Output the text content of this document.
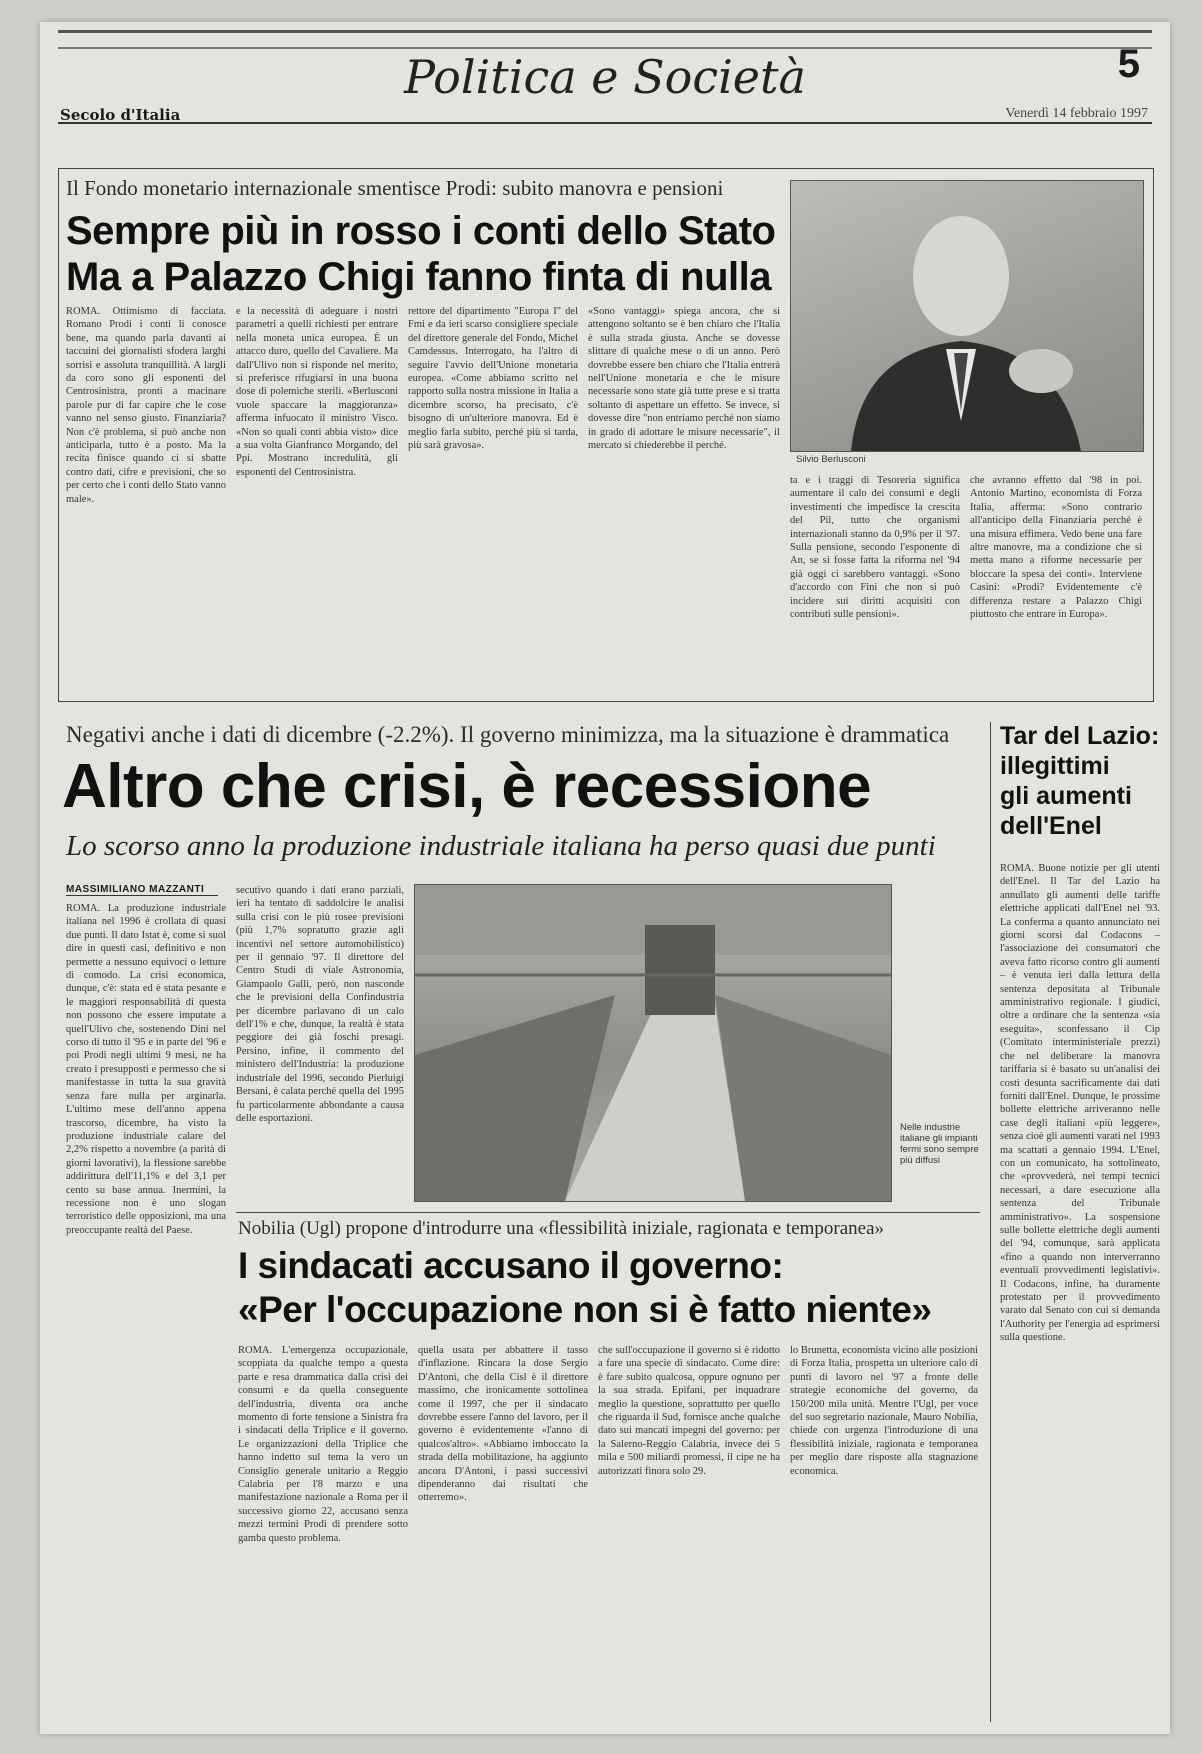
Politica e Società	5
Secolo d'Italia	Venerdì 14 febbraio 1997
Il Fondo monetario internazionale smentisce Prodi: subito manovra e pensioni
Sempre più in rosso i conti dello Stato
Ma a Palazzo Chigi fanno finta di nulla
Silvio Berlusconi
ROMA. Ottimismo di facciata. Romano Prodi i conti li conosce bene, ma quando parla davanti ai taccuini dei giornalisti sfodera larghi sorrisi e assoluta tranquillità. A largli da coro sono gli esponenti del Centrosinistra, pronti a macinare parole pur di far capire che le cose vanno nel senso giusto. Finanziaria? Non c'è problema, si può anche non anticiparla, tutto è a posto. Ma la recita finisce quando ci si sbatte contro dati, cifre e previsioni, che so per certo che i conti dello Stato vanno male».
e la necessità di adeguare i nostri parametri a quelli richiesti per entrare nella moneta unica europea. È un attacco duro, quello del Cavaliere. Ma dall'Ulivo non si risponde nel merito, si preferisce rifugiarsi in una buona dose di polemiche sterili. «Berlusconi vuole spaccare la maggioranza» afferma infuocato il ministro Visco. «Non so quali conti abbia visto» dice a sua volta Gianfranco Morgando, del Ppi. Mostrano incredulità, gli esponenti del Centrosinistra.
rettore del dipartimento "Europa I" del Fmi e da ieri scarso consigliere speciale del direttore generale del Fondo, Michel Camdessus. Interrogato, ha l'altro di seguire l'avvio dell'Unione monetaria europea. «Come abbiamo scritto nel rapporto sulla nostra missione in Italia a dicembre scorso, ha precisato, c'è bisogno di un'ulteriore manovra. Ed è meglio farla subito, perché più si tarda, più sarà gravosa».
«Sono vantaggi» spiega ancora, che si attengono soltanto se è ben chiaro che l'Italia è sulla strada giusta. Anche se dovesse slittare di qualche mese o di un anno. Però dovrebbe essere ben chiaro che l'Italia entrerà nell'Unione monetaria e che le misure necessarie sono state già tutte prese e si tratta soltanto di aspettare un effetto. Se invece, si dovesse dire "non entriamo perché non siamo in grado di adottare le misure necessarie", il mercato si chiederebbe il perché.
ta e i traggi di Tesoreria significa aumentare il calo dei consumi e degli investimenti che impedisce la crescita del Pil, tutto che organismi internazionali stanno da 0,9% per il '97. Sulla pensione, secondo l'esponente di An, se si fosse fatta la riforma nel '94 già oggi ci sarebbero vantaggi. «Sono d'accordo con Fini che non si può incidere sui diritti acquisiti con contributi sulle pensioni».
che avranno effetto dal '98 in poi. Antonio Martino, economista di Forza Italia, afferma: «Sono contrario all'anticipo della Finanziaria perché è una misura effimera. Vedo bene una fare altre manovre, ma a condizione che si metta mano a riforme necessarie per bloccare la spesa dei conti». Interviene Casini: «Prodi? Evidentemente c'è differenza restare a Palazzo Chigi piuttosto che entrare in Europa».
Negativi anche i dati di dicembre (-2.2%). Il governo minimizza, ma la situazione è drammatica
Altro che crisi, è recessione
Lo scorso anno la produzione industriale italiana ha perso quasi due punti
MASSIMILIANO MAZZANTI
ROMA. La produzione industriale italiana nel 1996 è crollata di quasi due punti. Il dato Istat è, come si suol dire in questi casi, definitivo e non permette a nessuno equivoci o letture di comodo. La crisi economica, dunque, c'è: stata ed è stata pesante e le maggiori responsabilità di questa non possono che essere imputate a quell'Ulivo che, sostenendo Dini nel corso di tutto il '95 e in parte del '96 e poi Prodi negli ultimi 9 mesi, ne ha creato i presupposti e permesso che si manifestasse in tutta la sua gravità senza fare nulla per arginarla. L'ultimo mese dell'anno appena trascorso, dicembre, ha visto la produzione industriale calare del 2,2% rispetto a novembre (a parità di giorni lavorativi), la flessione sarebbe addirittura dell'11,1% e del 3,1 per cento su base annua. Inermini, la recessione non è uno slogan terroristico delle opposizioni, ma una preoccupante realtà del Paese.
secutivo quando i dati erano parziali, ieri ha tentato di saddolcire le analisi sulla crisi con le più rosee previsioni (più 1,7% sopratutto grazie agli incentivi nel settore automobilistico) per il gennaio '97. Il direttore del Centro Studi di viale Astronomia, Giampaolo Galli, però, non nasconde che le previsioni della Confindustria per dicembre parlavano di un calo dell'1% e che, dunque, la realtà è stata peggiore dei già foschi presagi. Persino, infine, il commento del ministero dell'Industria: la produzione industriale del 1996, secondo Pierluigi Bersani, è calata perché quella del 1995 fu particolarmente abbondante a causa delle esportazioni.
Nelle industrie italiane gli impianti fermi sono sempre più diffusi
Nobilia (Ugl) propone d'introdurre una «flessibilità iniziale, ragionata e temporanea»
I sindacati accusano il governo:
«Per l'occupazione non si è fatto niente»
ROMA. L'emergenza occupazionale, scoppiata da qualche tempo a questa parte e resa drammatica dalla crisi dei consumi e da quella conseguente dell'industria, diventa ora anche momento di forte tensione a Sinistra fra i sindacati della Triplice e il governo. Le organizzazioni della Triplice che hanno indetto sul tema la vero un Consiglio generale unitario a Reggio Calabria per l'8 marzo e una manifestazione nazionale a Roma per il successivo giorno 22, accusano senza mezzi termini Prodi di prendere sotto gamba questo problema.
quella usata per abbattere il tasso d'inflazione. Rincara la dose Sergio D'Antoni, che della Cisl è il direttore massimo, che ironicamente sottolinea come il 1997, che per il sindacato dovrebbe essere l'anno del lavoro, per il governo è evidentemente «l'anno di qualcos'altro». «Abbiamo imboccato la strada della mobilitazione, ha aggiunto ancora D'Antoni, i passi successivi dipenderanno dai risultati che otterremo».
che sull'occupazione il governo si è ridotto a fare una specie di sindacato. Come dire: è fare subito qualcosa, oppure ognuno per la sua strada. Epifani, per inquadrare meglio la questione, soprattutto per quello che riguarda il Sud, fornisce anche qualche dato sui mancati impegni del governo: per la Salerno-Reggio Calabria, invece dei 5 mila e 500 miliardi promessi, il cipe ne ha autorizzati finora solo 29.
lo Brunetta, economista vicino alle posizioni di Forza Italia, prospetta un ulteriore calo di punti di lavoro nel '97 a fronte delle strategie economiche del governo, da 150/200 mila unità. Mentre l'Ugl, per voce del suo segretario nazionale, Mauro Nobilia, chiede con urgenza l'introduzione di una flessibilità iniziale, ragionata e temporanea per meglio dare risposte alla stagnazione economica.
Tar del Lazio:
illegittimi
gli aumenti
dell'Enel
ROMA. Buone notizie per gli utenti dell'Enel. Il Tar del Lazio ha annullato gli aumenti delle tariffe elettriche applicati dall'Enel nel '93. La conferma a quanto annunciato nei giorni scorsi dal Codacons – l'associazione dei consumatori che aveva fatto ricorso contro gli aumenti – è venuta ieri dalla lettura della sentenza depositata al Tribunale amministrativo regionale. I giudici, oltre a ordinare che la sentenza «sia eseguita», sconfessano il Cip (Comitato interministeriale prezzi) che nel deliberare la manovra tariffaria si è basato su un'analisi dei costi desunta sacrificamente dai dati forniti dall'Enel. Dunque, le prossime bollette elettriche arriveranno nelle case degli italiani «più leggere», senza cioè gli aumenti varati nel 1993 ma scattati a gennaio 1994. L'Enel, con un comunicato, ha sottolineato, che «provvederà, nei tempi tecnici necessari, a dare esecuzione alla sentenza del Tribunale amministrativo». La sospensione sulle bollette elettriche degli aumenti del '94, comunque, sarà applicata «fino a quando non interverranno eventuali provvedimenti legislativi». Il Codacons, infine, ha duramente protestato per il provvedimento varato dal Senato con cui si demanda l'Authority per l'energia ad esprimersi sulla questione.
